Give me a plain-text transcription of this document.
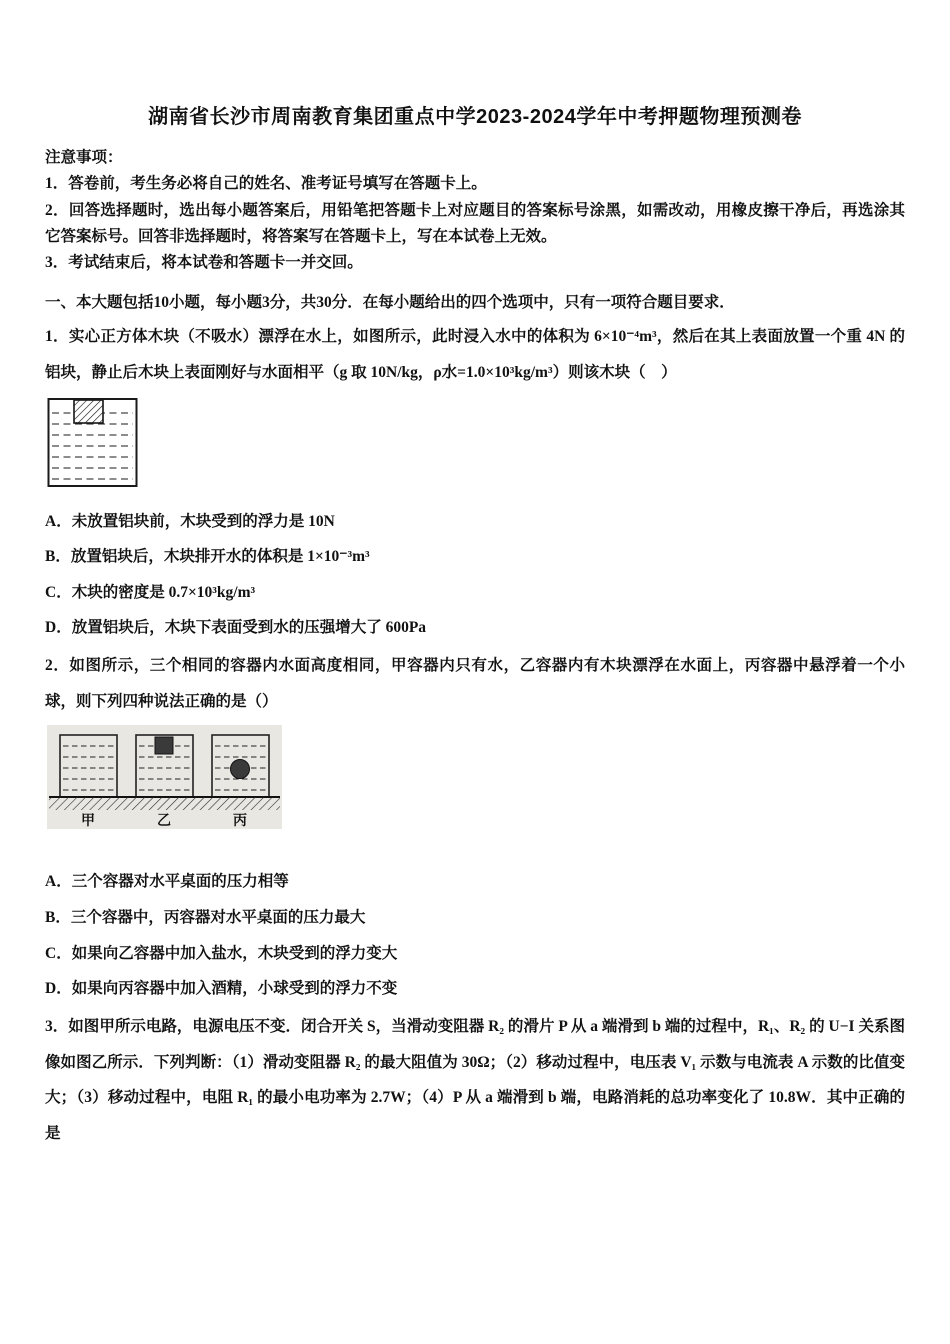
湖南省长沙市周南教育集团重点中学2023-2024学年中考押题物理预测卷

注意事项：

1．答卷前，考生务必将自己的姓名、准考证号填写在答题卡上。

2．回答选择题时，选出每小题答案后，用铅笔把答题卡上对应题目的答案标号涂黑，如需改动，用橡皮擦干净后，再选涂其它答案标号。回答非选择题时，将答案写在答题卡上，写在本试卷上无效。

3．考试结束后，将本试卷和答题卡一并交回。

一、本大题包括10小题，每小题3分，共30分．在每小题给出的四个选项中，只有一项符合题目要求．

1．实心正方体木块（不吸水）漂浮在水上，如图所示，此时浸入水中的体积为 6×10⁻⁴m³，然后在其上表面放置一个重 4N 的铝块，静止后木块上表面刚好与水面相平（g 取 10N/kg，ρ水=1.0×10³kg/m³）则该木块（　）

A．未放置铝块前，木块受到的浮力是 10N
B．放置铝块后，木块排开水的体积是 1×10⁻³m³
C．木块的密度是 0.7×10³kg/m³
D．放置铝块后，木块下表面受到水的压强增大了 600Pa

2．如图所示，三个相同的容器内水面高度相同，甲容器内只有水，乙容器内有木块漂浮在水面上，丙容器中悬浮着一个小球，则下列四种说法正确的是（）

甲	乙	丙
A．三个容器对水平桌面的压力相等
B．三个容器中，丙容器对水平桌面的压力最大
C．如果向乙容器中加入盐水，木块受到的浮力变大
D．如果向丙容器中加入酒精，小球受到的浮力不变

3．如图甲所示电路，电源电压不变．闭合开关 S，当滑动变阻器 R₂ 的滑片 P 从 a 端滑到 b 端的过程中，R₁、R₂ 的 U−I 关系图像如图乙所示．下列判断：（1）滑动变阻器 R₂ 的最大阻值为 30Ω；（2）移动过程中，电压表 V₁ 示数与电流表 A 示数的比值变大；（3）移动过程中，电阻 R₁ 的最小电功率为 2.7W；（4）P 从 a 端滑到 b 端，电路消耗的总功率变化了 10.8W．其中正确的是
